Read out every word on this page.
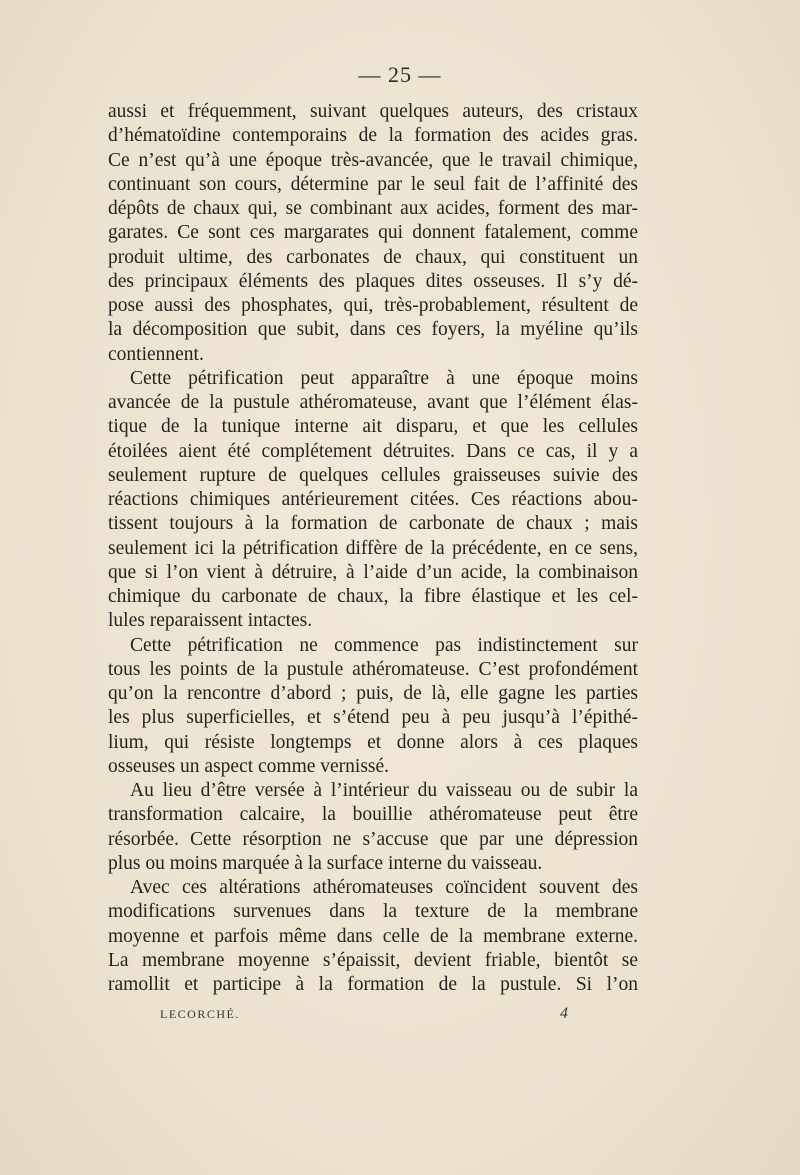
— 25 —
aussi et fréquemment, suivant quelques auteurs, des cristaux
d’hématoïdine contemporains de la formation des acides gras.
Ce n’est qu’à une époque très-avancée, que le travail chimique,
continuant son cours, détermine par le seul fait de l’affinité des
dépôts de chaux qui, se combinant aux acides, forment des mar-
garates. Ce sont ces margarates qui donnent fatalement, comme
produit ultime, des carbonates de chaux, qui constituent un
des principaux éléments des plaques dites osseuses. Il s’y dé-
pose aussi des phosphates, qui, très-probablement, résultent de
la décomposition que subit, dans ces foyers, la myéline qu’ils
contiennent.
Cette pétrification peut apparaître à une époque moins
avancée de la pustule athéromateuse, avant que l’élément élas-
tique de la tunique interne ait disparu, et que les cellules
étoilées aient été complétement détruites. Dans ce cas, il y a
seulement rupture de quelques cellules graisseuses suivie des
réactions chimiques antérieurement citées. Ces réactions abou-
tissent toujours à la formation de carbonate de chaux ; mais
seulement ici la pétrification diffère de la précédente, en ce sens,
que si l’on vient à détruire, à l’aide d’un acide, la combinaison
chimique du carbonate de chaux, la fibre élastique et les cel-
lules reparaissent intactes.
Cette pétrification ne commence pas indistinctement sur
tous les points de la pustule athéromateuse. C’est profondément
qu’on la rencontre d’abord ; puis, de là, elle gagne les parties
les plus superficielles, et s’étend peu à peu jusqu’à l’épithé-
lium, qui résiste longtemps et donne alors à ces plaques
osseuses un aspect comme vernissé.
Au lieu d’être versée à l’intérieur du vaisseau ou de subir la
transformation calcaire, la bouillie athéromateuse peut être
résorbée. Cette résorption ne s’accuse que par une dépression
plus ou moins marquée à la surface interne du vaisseau.
Avec ces altérations athéromateuses coïncident souvent des
modifications survenues dans la texture de la membrane
moyenne et parfois même dans celle de la membrane externe.
La membrane moyenne s’épaissit, devient friable, bientôt se
ramollit et participe à la formation de la pustule. Si l’on
LECORCHÉ.	4
